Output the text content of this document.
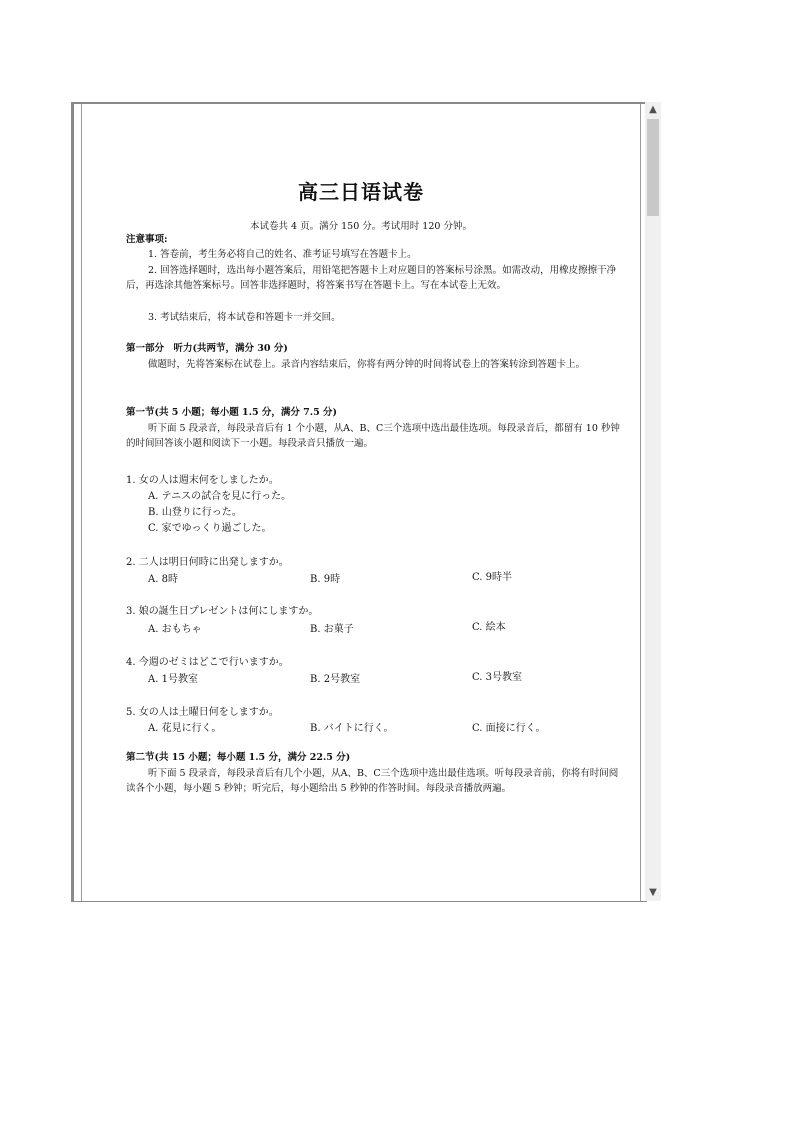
高三日语试卷
本试卷共 4 页。满分 150 分。考试用时 120 分钟。
注意事项:
1. 答卷前，考生务必将自己的姓名、准考证号填写在答题卡上。
2. 回答选择题时，选出每小题答案后，用铅笔把答题卡上对应题目的答案标号涂黑。如需改动，用橡皮擦擦干净后，再选涂其他答案标号。回答非选择题时，将答案书写在答题卡上。写在本试卷上无效。
3. 考试结束后，将本试卷和答题卡一并交回。
第一部分　听力(共两节，满分 30 分)
做题时，先将答案标在试卷上。录音内容结束后，你将有两分钟的时间将试卷上的答案转涂到答题卡上。
第一节(共 5 小题；每小题 1.5 分，满分 7.5 分)
听下面 5 段录音，每段录音后有 1 个小题，从A、B、C三个选项中选出最佳选项。每段录音后，都留有 10 秒钟的时间回答该小题和阅读下一小题。每段录音只播放一遍。
1. 女の人は週末何をしましたか。
A. テニスの試合を見に行った。
B. 山登りに行った。
C. 家でゆっくり過ごした。
2. 二人は明日何時に出発しますか。
A. 8時	B. 9時	C. 9時半
3. 娘の誕生日プレゼントは何にしますか。
A. おもちゃ	B. お菓子	C. 絵本
4. 今週のゼミはどこで行いますか。
A. 1号教室	B. 2号教室	C. 3号教室
5. 女の人は土曜日何をしますか。
A. 花見に行く。	B. バイトに行く。	C. 面接に行く。
第二节(共 15 小题；每小题 1.5 分，满分 22.5 分)
听下面 5 段录音，每段录音后有几个小题，从A、B、C三个选项中选出最佳选项。听每段录音前，你将有时间阅读各个小题，每小题 5 秒钟；听完后，每小题给出 5 秒钟的作答时间。每段录音播放两遍。
▲
▼
